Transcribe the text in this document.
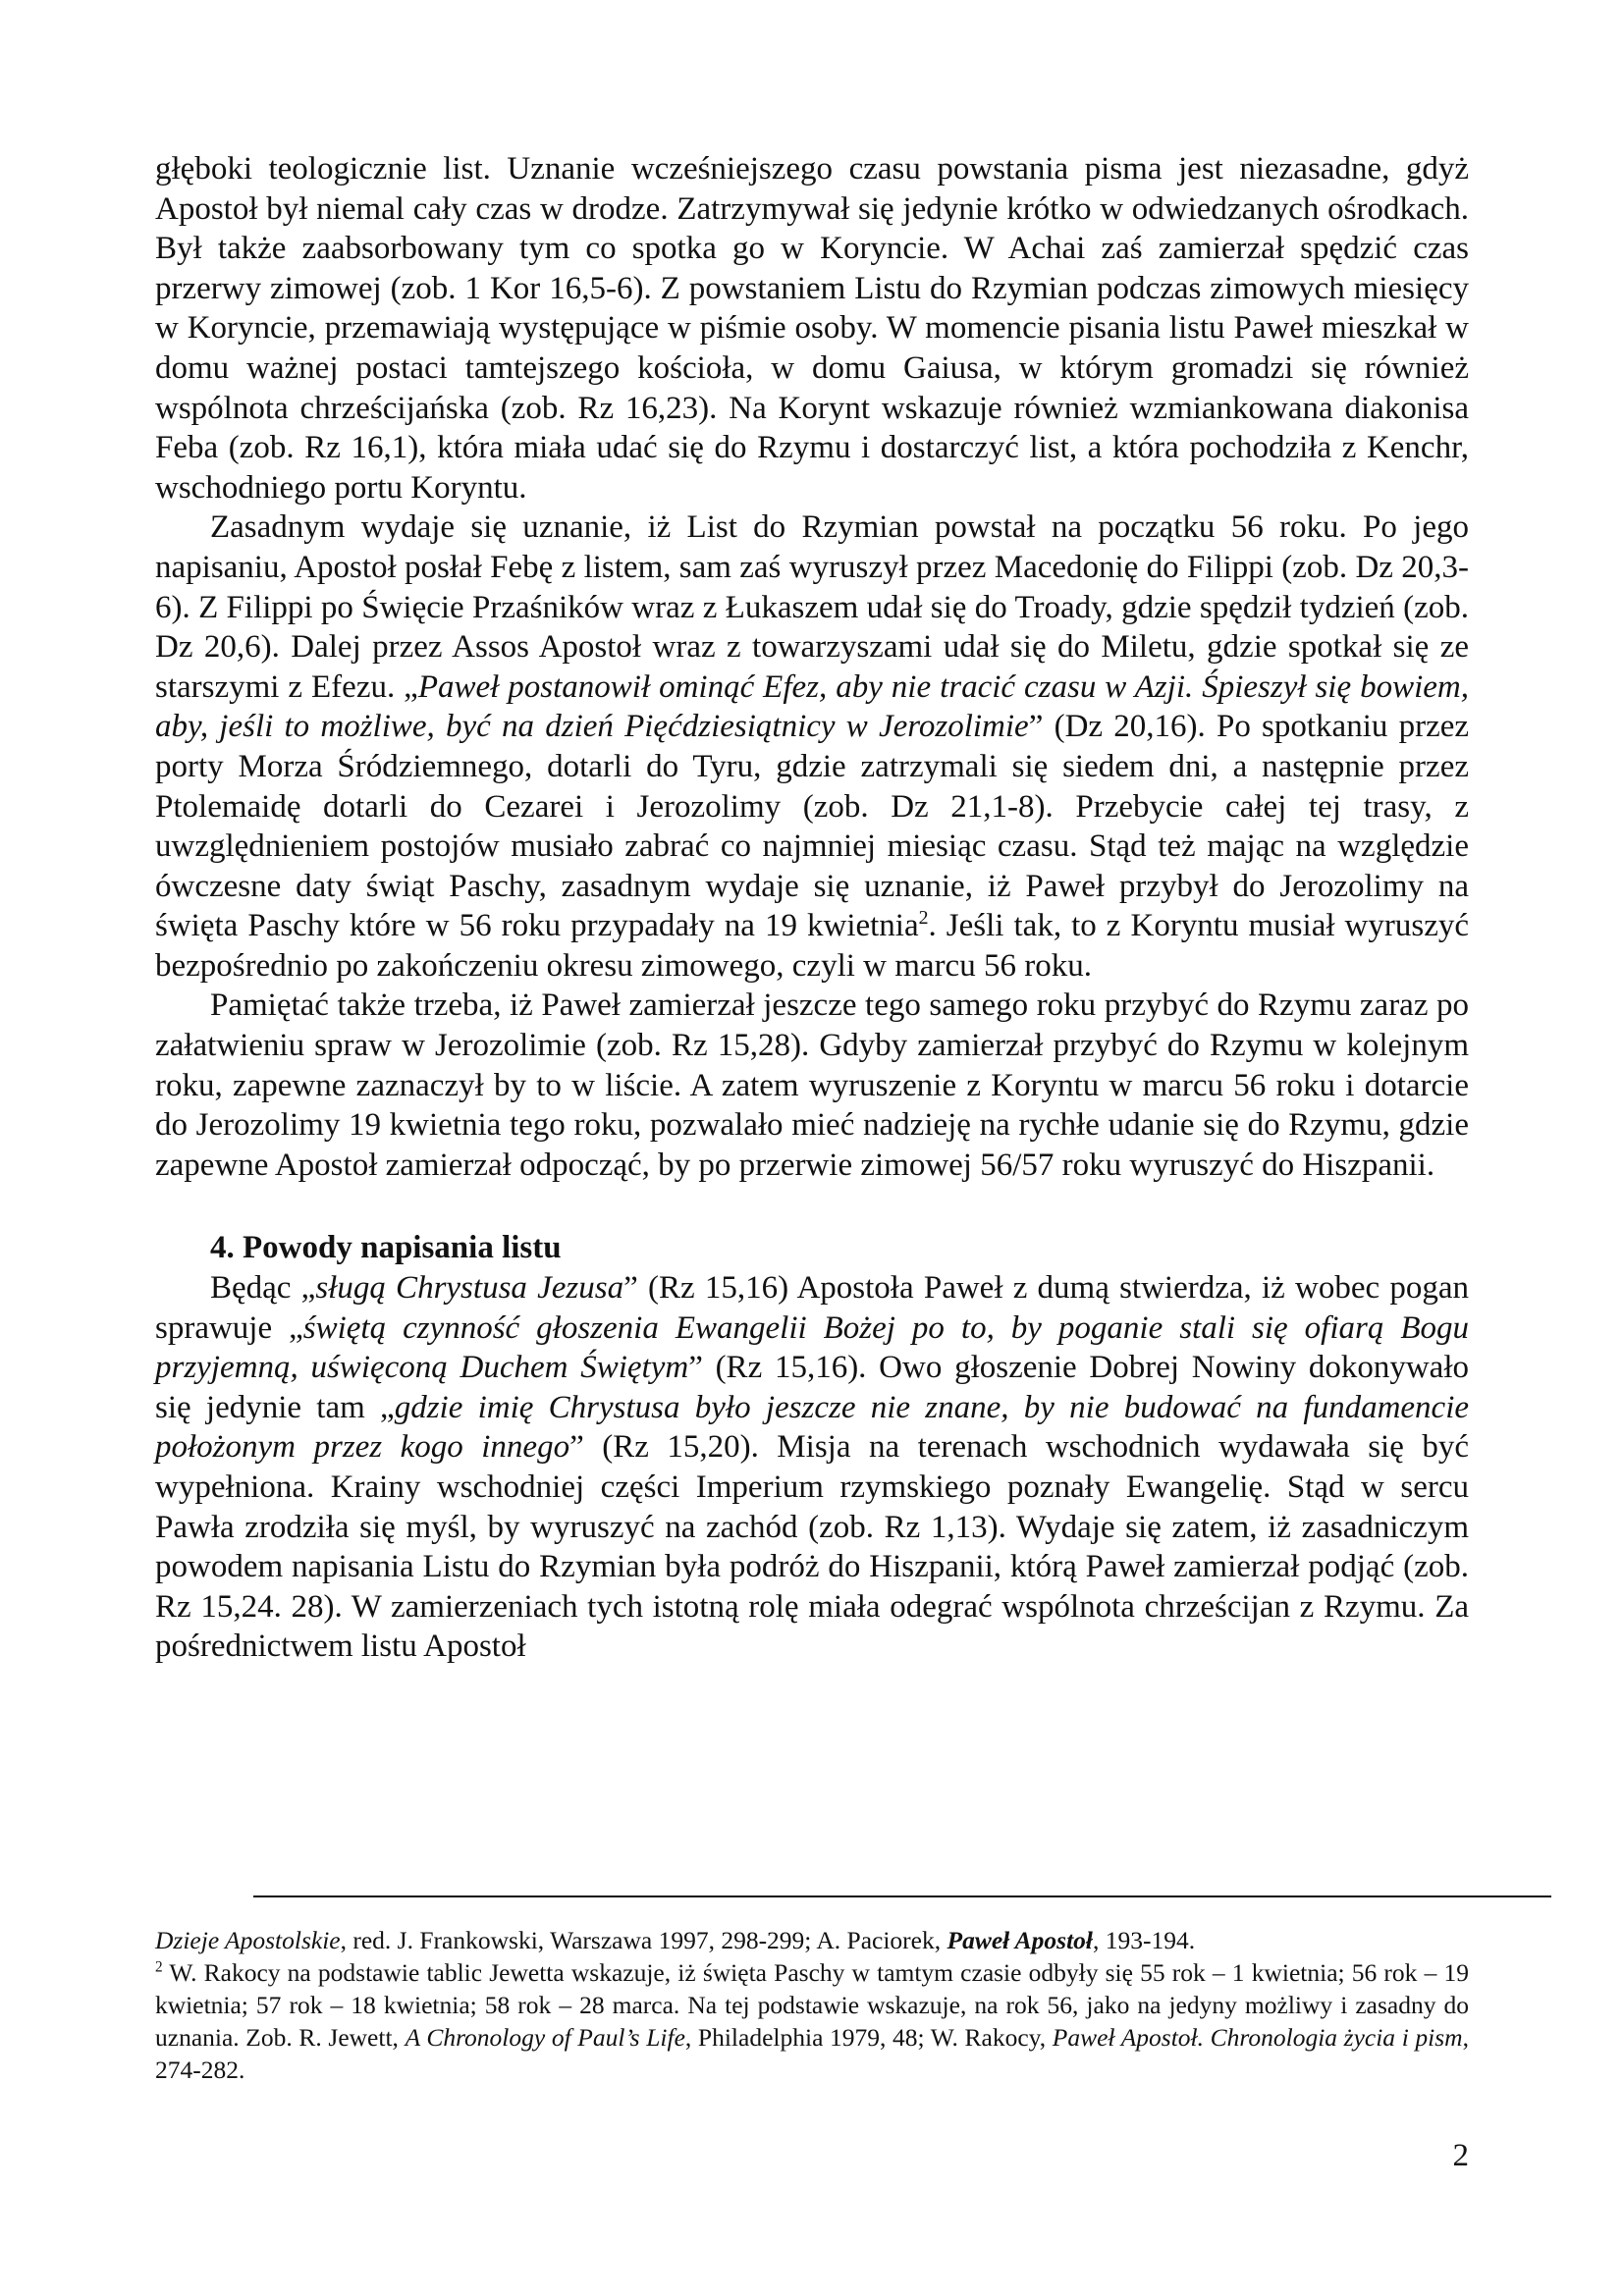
głęboki teologicznie list. Uznanie wcześniejszego czasu powstania pisma jest niezasadne, gdyż Apostoł był niemal cały czas w drodze. Zatrzymywał się jedynie krótko w odwiedzanych ośrodkach. Był także zaabsorbowany tym co spotka go w Koryncie. W Achai zaś zamierzał spędzić czas przerwy zimowej (zob. 1 Kor 16,5-6). Z powstaniem Listu do Rzymian podczas zimowych miesięcy w Koryncie, przemawiają występujące w piśmie osoby. W momencie pisania listu Paweł mieszkał w domu ważnej postaci tamtejszego kościoła, w domu Gaiusa, w którym gromadzi się również wspólnota chrześcijańska (zob. Rz 16,23). Na Korynt wskazuje również wzmiankowana diakonisa Feba (zob. Rz 16,1), która miała udać się do Rzymu i dostarczyć list, a która pochodziła z Kenchr, wschodniego portu Koryntu.

Zasadnym wydaje się uznanie, iż List do Rzymian powstał na początku 56 roku. Po jego napisaniu, Apostoł posłał Febę z listem, sam zaś wyruszył przez Macedonię do Filippi (zob. Dz 20,3-6). Z Filippi po Święcie Przaśników wraz z Łukaszem udał się do Troady, gdzie spędził tydzień (zob. Dz 20,6). Dalej przez Assos Apostoł wraz z towarzyszami udał się do Miletu, gdzie spotkał się ze starszymi z Efezu. „Paweł postanowił ominąć Efez, aby nie tracić czasu w Azji. Śpieszył się bowiem, aby, jeśli to możliwe, być na dzień Pięćdziesiątnicy w Jerozolimie” (Dz 20,16). Po spotkaniu przez porty Morza Śródziemnego, dotarli do Tyru, gdzie zatrzymali się siedem dni, a następnie przez Ptolemaidę dotarli do Cezarei i Jerozolimy (zob. Dz 21,1-8). Przebycie całej tej trasy, z uwzględnieniem postojów musiało zabrać co najmniej miesiąc czasu. Stąd też mając na względzie ówczesne daty świąt Paschy, zasadnym wydaje się uznanie, iż Paweł przybył do Jerozolimy na święta Paschy które w 56 roku przypadały na 19 kwietnia$^2$. Jeśli tak, to z Koryntu musiał wyruszyć bezpośrednio po zakończeniu okresu zimowego, czyli w marcu 56 roku.

Pamiętać także trzeba, iż Paweł zamierzał jeszcze tego samego roku przybyć do Rzymu zaraz po załatwieniu spraw w Jerozolimie (zob. Rz 15,28). Gdyby zamierzał przybyć do Rzymu w kolejnym roku, zapewne zaznaczył by to w liście. A zatem wyruszenie z Koryntu w marcu 56 roku i dotarcie do Jerozolimy 19 kwietnia tego roku, pozwalało mieć nadzieję na rychłe udanie się do Rzymu, gdzie zapewne Apostoł zamierzał odpocząć, by po przerwie zimowej 56/57 roku wyruszyć do Hiszpanii.

4. Powody napisania listu

Będąc „sługą Chrystusa Jezusa” (Rz 15,16) Apostoła Paweł z dumą stwierdza, iż wobec pogan sprawuje „świętą czynność głoszenia Ewangelii Bożej po to, by poganie stali się ofiarą Bogu przyjemną, uświęconą Duchem Świętym” (Rz 15,16). Owo głoszenie Dobrej Nowiny dokonywało się jedynie tam „gdzie imię Chrystusa było jeszcze nie znane, by nie budować na fundamencie położonym przez kogo innego” (Rz 15,20). Misja na terenach wschodnich wydawała się być wypełniona. Krainy wschodniej części Imperium rzymskiego poznały Ewangelię. Stąd w sercu Pawła zrodziła się myśl, by wyruszyć na zachód (zob. Rz 1,13). Wydaje się zatem, iż zasadniczym powodem napisania Listu do Rzymian była podróż do Hiszpanii, którą Paweł zamierzał podjąć (zob. Rz 15,24. 28). W zamierzeniach tych istotną rolę miała odegrać wspólnota chrześcijan z Rzymu. Za pośrednictwem listu Apostoł

Dzieje Apostolskie, red. J. Frankowski, Warszawa 1997, 298-299; A. Paciorek, Paweł Apostoł, 193-194.

$^2$ W. Rakocy na podstawie tablic Jewetta wskazuje, iż święta Paschy w tamtym czasie odbyły się 55 rok – 1 kwietnia; 56 rok – 19 kwietnia; 57 rok – 18 kwietnia; 58 rok – 28 marca. Na tej podstawie wskazuje, na rok 56, jako na jedyny możliwy i zasadny do uznania. Zob. R. Jewett, A Chronology of Paul’s Life, Philadelphia 1979, 48; W. Rakocy, Paweł Apostoł. Chronologia życia i pism, 274-282.

2
